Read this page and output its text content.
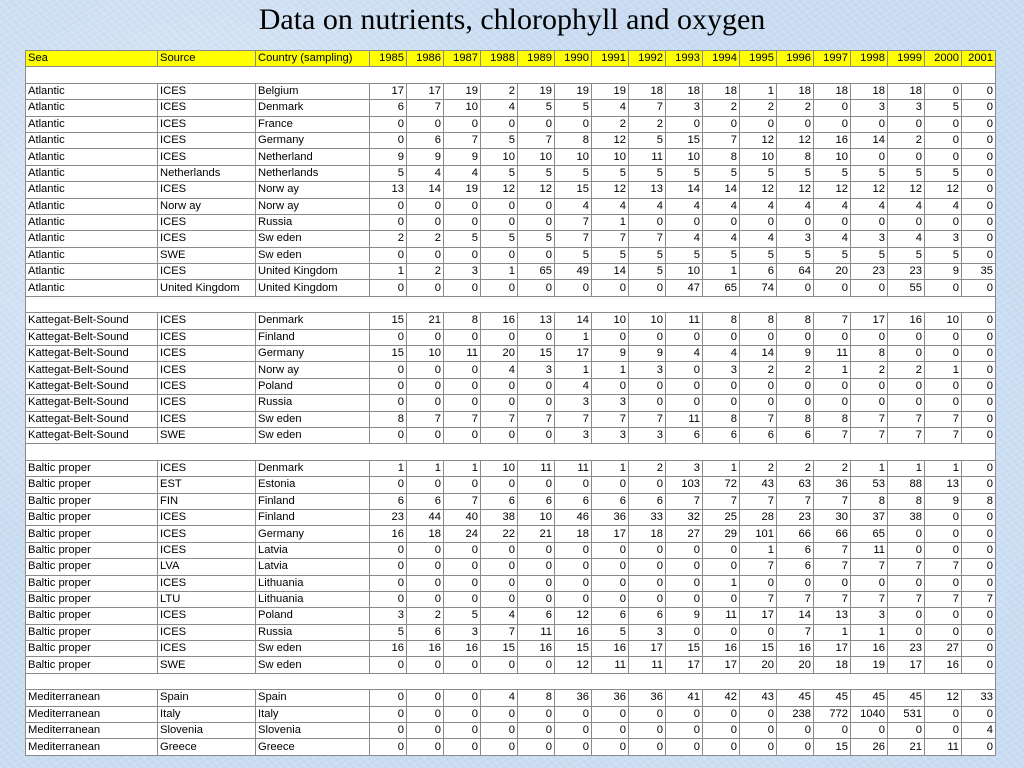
Data on nutrients, chlorophyll and oxygen
Sea	Source	Country (sampling)	1985	1986	1987	1988	1989	1990	1991	1992	1993	1994	1995	1996	1997	1998	1999	2000	2001

Atlantic	ICES	Belgium	17	17	19	2	19	19	19	18	18	18	1	18	18	18	18	0	0
Atlantic	ICES	Denmark	6	7	10	4	5	5	4	7	3	2	2	2	0	3	3	5	0
Atlantic	ICES	France	0	0	0	0	0	0	2	2	0	0	0	0	0	0	0	0	0
Atlantic	ICES	Germany	0	6	7	5	7	8	12	5	15	7	12	12	16	14	2	0	0
Atlantic	ICES	Netherland	9	9	9	10	10	10	10	11	10	8	10	8	10	0	0	0	0
Atlantic	Netherlands	Netherlands	5	4	4	5	5	5	5	5	5	5	5	5	5	5	5	5	0
Atlantic	ICES	Norw ay	13	14	19	12	12	15	12	13	14	14	12	12	12	12	12	12	0
Atlantic	Norw ay	Norw ay	0	0	0	0	0	4	4	4	4	4	4	4	4	4	4	4	0
Atlantic	ICES	Russia	0	0	0	0	0	7	1	0	0	0	0	0	0	0	0	0	0
Atlantic	ICES	Sw eden	2	2	5	5	5	7	7	7	4	4	4	3	4	3	4	3	0
Atlantic	SWE	Sw eden	0	0	0	0	0	5	5	5	5	5	5	5	5	5	5	5	0
Atlantic	ICES	United Kingdom	1	2	3	1	65	49	14	5	10	1	6	64	20	23	23	9	35
Atlantic	United Kingdom	United Kingdom	0	0	0	0	0	0	0	0	47	65	74	0	0	0	55	0	0

Kattegat-Belt-Sound	ICES	Denmark	15	21	8	16	13	14	10	10	11	8	8	8	7	17	16	10	0
Kattegat-Belt-Sound	ICES	Finland	0	0	0	0	0	1	0	0	0	0	0	0	0	0	0	0	0
Kattegat-Belt-Sound	ICES	Germany	15	10	11	20	15	17	9	9	4	4	14	9	11	8	0	0	0
Kattegat-Belt-Sound	ICES	Norw ay	0	0	0	4	3	1	1	3	0	3	2	2	1	2	2	1	0
Kattegat-Belt-Sound	ICES	Poland	0	0	0	0	0	4	0	0	0	0	0	0	0	0	0	0	0
Kattegat-Belt-Sound	ICES	Russia	0	0	0	0	0	3	3	0	0	0	0	0	0	0	0	0	0
Kattegat-Belt-Sound	ICES	Sw eden	8	7	7	7	7	7	7	7	11	8	7	8	8	7	7	7	0
Kattegat-Belt-Sound	SWE	Sw eden	0	0	0	0	0	3	3	3	6	6	6	6	7	7	7	7	0

Baltic proper	ICES	Denmark	1	1	1	10	11	11	1	2	3	1	2	2	2	1	1	1	0
Baltic proper	EST	Estonia	0	0	0	0	0	0	0	0	103	72	43	63	36	53	88	13	0
Baltic proper	FIN	Finland	6	6	7	6	6	6	6	6	7	7	7	7	7	8	8	9	8
Baltic proper	ICES	Finland	23	44	40	38	10	46	36	33	32	25	28	23	30	37	38	0	0
Baltic proper	ICES	Germany	16	18	24	22	21	18	17	18	27	29	101	66	66	65	0	0	0
Baltic proper	ICES	Latvia	0	0	0	0	0	0	0	0	0	0	1	6	7	11	0	0	0
Baltic proper	LVA	Latvia	0	0	0	0	0	0	0	0	0	0	7	6	7	7	7	7	0
Baltic proper	ICES	Lithuania	0	0	0	0	0	0	0	0	0	1	0	0	0	0	0	0	0
Baltic proper	LTU	Lithuania	0	0	0	0	0	0	0	0	0	0	7	7	7	7	7	7	7
Baltic proper	ICES	Poland	3	2	5	4	6	12	6	6	9	11	17	14	13	3	0	0	0
Baltic proper	ICES	Russia	5	6	3	7	11	16	5	3	0	0	0	7	1	1	0	0	0
Baltic proper	ICES	Sw eden	16	16	16	15	16	15	16	17	15	16	15	16	17	16	23	27	0
Baltic proper	SWE	Sw eden	0	0	0	0	0	12	11	11	17	17	20	20	18	19	17	16	0

Mediterranean	Spain	Spain	0	0	0	4	8	36	36	36	41	42	43	45	45	45	45	12	33
Mediterranean	Italy	Italy	0	0	0	0	0	0	0	0	0	0	0	238	772	1040	531	0	0
Mediterranean	Slovenia	Slovenia	0	0	0	0	0	0	0	0	0	0	0	0	0	0	0	0	4
Mediterranean	Greece	Greece	0	0	0	0	0	0	0	0	0	0	0	0	15	26	21	11	0
